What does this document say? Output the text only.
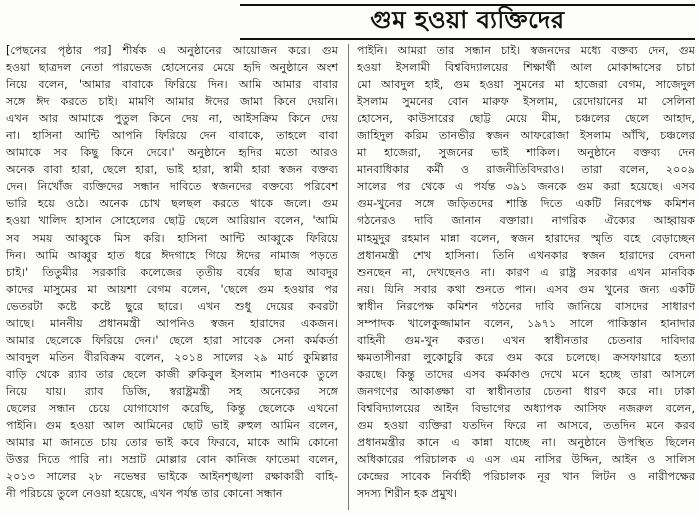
গুম হওয়া ব্যক্তিদের
[পেছনের পৃষ্ঠার পর] শীর্ষক এ অনুষ্ঠানের আয়োজন করে। গুম
হওয়া ছাত্রদল নেতা পারভেজ হোসেনের মেয়ে হৃদি অনুষ্ঠানে অংশ
নিয়ে বলেন, 'আমার বাবাকে ফিরিয়ে দিন। আমি আমার বাবার
সঙ্গে ঈদ করতে চাই। মামণি আমার ঈদের জামা কিনে দেয়নি।
এখন আর আমাকে পুতুল কিনে দেয় না, আইসক্রিম কিনে দেয়
না। হাসিনা আন্টি আপনি ফিরিয়ে দেন বাবাকে, তাহলে বাবা
আমাকে সব কিছু কিনে দেবে।' অনুষ্ঠানে হৃদির মতো আরও
অনেক বাবা হারা, ছেলে হারা, ভাই হারা, স্বামী হারা স্বজন বক্তব্য
দেন। নিখোঁজ ব্যক্তিদের সন্ধান দাবিতে স্বজনদের বক্তব্যে পরিবেশ
ভারি হয়ে ওঠে। অনেক চোখ ছলছল করতে থাকে জলে। গুম
হওয়া খালিদ হাসান সোহেলের ছোট্ট ছেলে আরিয়ান বলেন, 'আমি
সব সময় আব্বুকে মিস করি। হাসিনা আন্টি আব্বুকে ফিরিয়ে
দিন। আমি আব্বুর হাত ধরে ঈদগাহে গিয়ে ঈদের নামাজ পড়তে
চাই।' তিতুমীর সরকারি কলেজের তৃতীয় বর্ষের ছাত্র আবদুর
কাদের মাসুমের মা আয়শা বেগম বলেন, 'ছেলে গুম হওয়ার পর
ভেতরটা কষ্টে কষ্টে ছুরে ছারে। এখন শুধু দেয়ের কবরটা
আছে। মাননীয় প্রধানমন্ত্রী আপনিও স্বজন হারাদের একজন।
আমার ছেলেকে ফিরিয়ে দেন।' ছেলে হারা সাবেক সেনা কর্মকর্তা
আবদুল মতিন বীরবিক্রম বলেন, ২০১৪ সালের ২৯ মার্চ কুমিল্লার
বাড়ি থেকে র‍্যাব তার ছেলে কাজী রুকিবুল ইসলাম শাওনকে তুলে
নিয়ে যায়। র‍্যাব ডিজি, স্বরাষ্ট্রমন্ত্রী সহ অনেকের সঙ্গে
ছেলের সন্ধান চেয়ে যোগাযোগ করেছি, কিন্তু ছেলেকে এখনো
পাইনি। গুম হওয়া আল আমিনের ছোট ভাই রুহুল আমিন বলেন,
আমার মা জানতে চায় তোর ভাই কবে ফিরবে, মাকে আমি কোনো
উত্তর দিতে পারি না। সম্রাট মোল্লার বোন কানিজ ফাতেমা বলেন,
২০১৩ সালের ২৮ নভেম্বর ভাইকে আইনশৃঙ্খলা রক্ষাকারী বাহি-
নী পরিচয়ে তুলে নেওয়া হয়েছে, এখন পর্যন্ত তার কোনো সন্ধান
পাইনি। আমরা তার সন্ধান চাই। স্বজনদের মধ্যে বক্তব্য দেন, গুম
হওয়া ইসলামী বিশ্ববিদ্যালয়ের শিক্ষার্থী আল মোকাদ্দাসের চাচা
মো আবদুল হাই, গুম হওয়া সুমনের মা হাজেরা বেগম, সাজেদুল
ইসলাম সুমনের বোন মারুফ ইসলাম, রেদোয়ানের মা সেলিনা
হোসেন, কাউসারের ছোট্ট মেয়ে মীম, চঞ্চলের ছেলে আহাদ,
জাহিদুল করিম তানভীর স্বজন আফরোজা ইসলাম আঁখি, চঞ্চলের
মা হাজেরা, সুজনের ভাই শাকিল। অনুষ্ঠানে বক্তব্য দেন
মানবাধিকার কর্মী ও রাজনীতিবিদরাও। তারা বলেন, ২০০৯
সালের পর থেকে এ পর্যন্ত ৩৯১ জনকে গুম করা হয়েছে। এসব
গুম-খুনের সঙ্গে জড়িতদের শাস্তি দিতে একটি নিরপেক্ষ কমিশন
গঠনেরও দাবি জানান বক্তারা। নাগরিক ঐক্যের আহ্বায়ক
মাহমুদুর রহমান মান্না বলেন, স্বজন হারাদের স্মৃতি বহে বেড়াচ্ছেন
প্রধানমন্ত্রী শেখ হাসিনা। তিনি এখনকার স্বজন হারাদের বেদনা
শুনছেন না, দেখছেনও না। কারণ এ রাষ্ট্র সরকার এখন মানবিক
নয়। যিনি সবার কথা শুনতে পান। এসব গুম খুনের জন্য একটি
স্বাধীন নিরপেক্ষ কমিশন গঠনের দাবি জানিয়ে বাসদের সাধারণ
সম্পাদক খালেকুজ্জামান বলেন, ১৯৭১ সালে পাকিস্তান হানাদার
বাহিনী গুম-খুন করত। এখন স্বাধীনতার চেতনার দাবিদার
ক্ষমতাসীনরা লুকোচুরি করে গুম করে চলেছে। ক্রসফায়ারে হত্যা
করছে। কিন্তু তাদের এসব কর্মকাণ্ড দেখে মনে হচ্ছে তারা আসলে
জনগণের আকাঙ্ক্ষা বা স্বাধীনতার চেতনা ধারণ করে না। ঢাকা
বিশ্ববিদ্যালয়ের আইন বিভাগের অধ্যাপক আসিফ নজরুল বলেন,
গুম হওয়া ব্যক্তিরা যতদিন ফিরে না আসবে, ততদিন মনে করব
প্রধানমন্ত্রীর কানে এ কান্না যাচ্ছে না। অনুষ্ঠানে উপস্থিত ছিলেন
অধিকারের পরিচালক এ এস এম নাসির উদ্দিন, আইন ও সালিস
কেন্দ্রের সাবেক নির্বাহী পরিচালক নূর খান লিটন ও নারীপক্ষের
সদস্য শিরীন হক প্রমুখ।
